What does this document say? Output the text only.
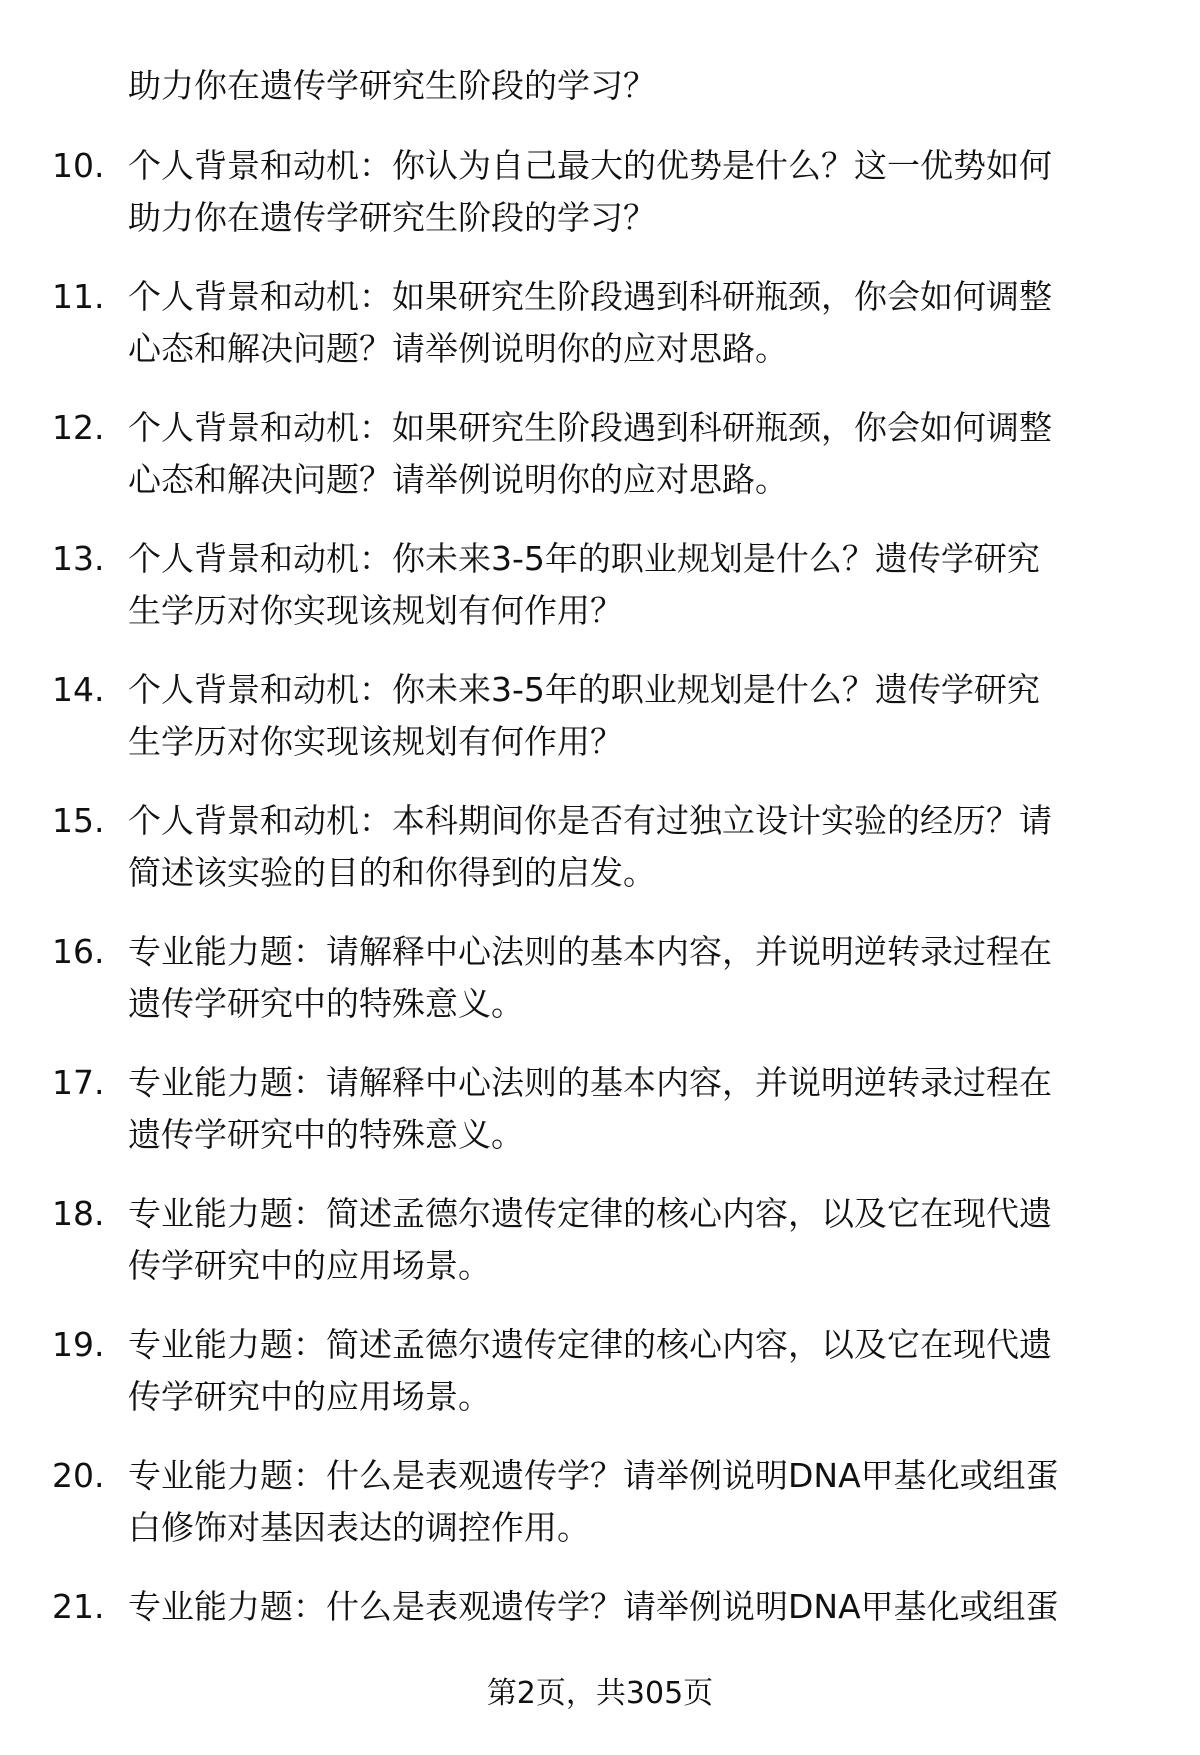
助力你在遗传学研究生阶段的学习？
10. 个人背景和动机：你认为自己最大的优势是什么？这一优势如何
助力你在遗传学研究生阶段的学习？
11. 个人背景和动机：如果研究生阶段遇到科研瓶颈，你会如何调整
心态和解决问题？请举例说明你的应对思路。
12. 个人背景和动机：如果研究生阶段遇到科研瓶颈，你会如何调整
心态和解决问题？请举例说明你的应对思路。
13. 个人背景和动机：你未来3-5年的职业规划是什么？遗传学研究
生学历对你实现该规划有何作用？
14. 个人背景和动机：你未来3-5年的职业规划是什么？遗传学研究
生学历对你实现该规划有何作用？
15. 个人背景和动机：本科期间你是否有过独立设计实验的经历？请
简述该实验的目的和你得到的启发。
16. 专业能力题：请解释中心法则的基本内容，并说明逆转录过程在
遗传学研究中的特殊意义。
17. 专业能力题：请解释中心法则的基本内容，并说明逆转录过程在
遗传学研究中的特殊意义。
18. 专业能力题：简述孟德尔遗传定律的核心内容，以及它在现代遗
传学研究中的应用场景。
19. 专业能力题：简述孟德尔遗传定律的核心内容，以及它在现代遗
传学研究中的应用场景。
20. 专业能力题：什么是表观遗传学？请举例说明DNA甲基化或组蛋
白修饰对基因表达的调控作用。
21. 专业能力题：什么是表观遗传学？请举例说明DNA甲基化或组蛋
第2页，共305页
